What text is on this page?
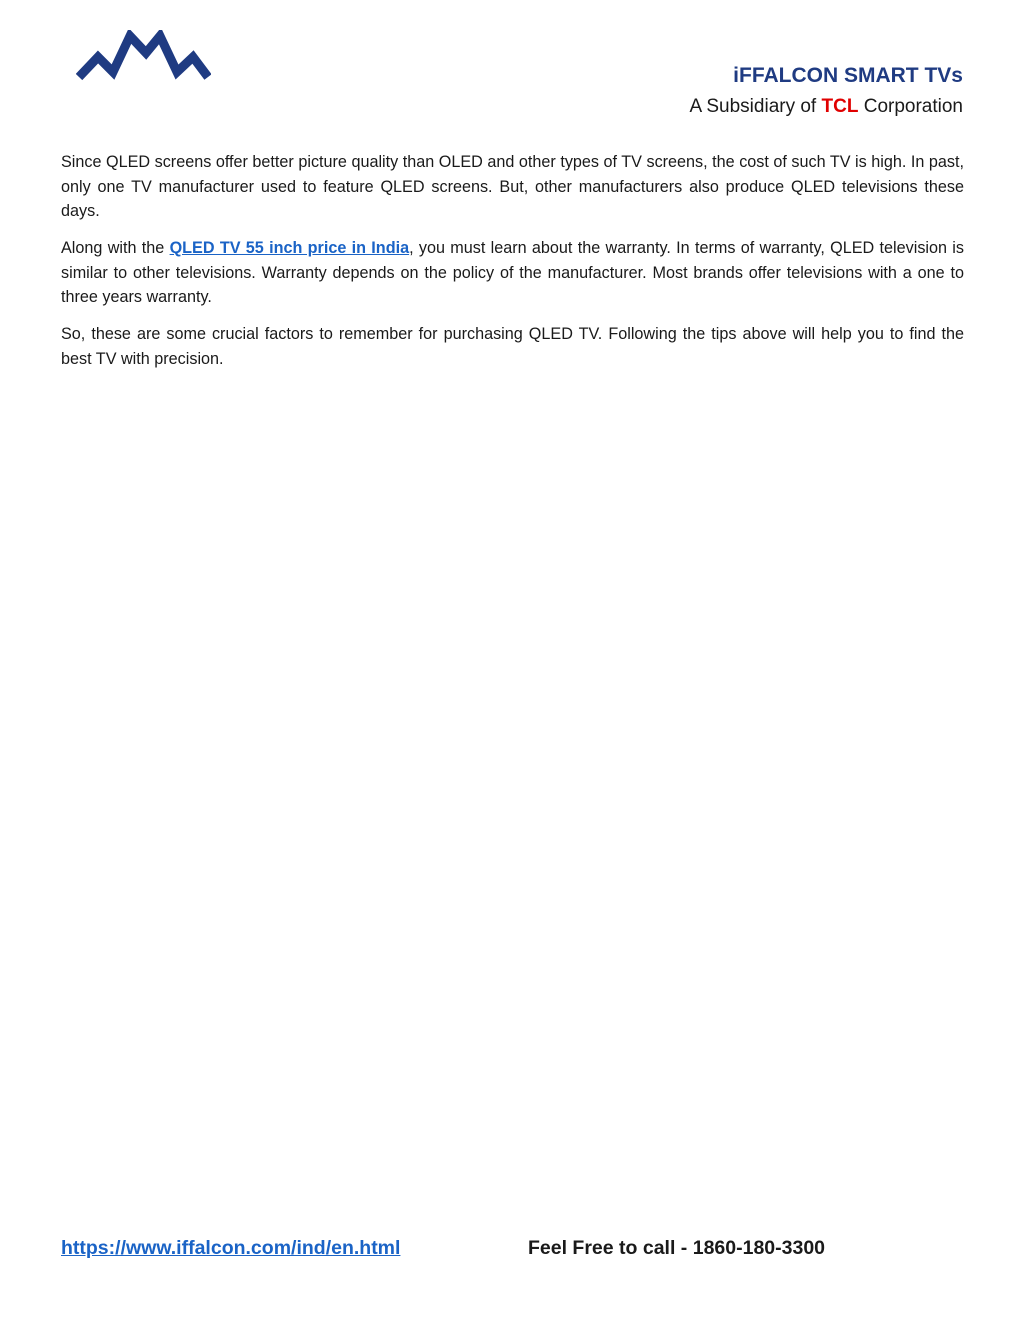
iFFALCON SMART TVs
A Subsidiary of TCL Corporation

Since QLED screens offer better picture quality than OLED and other types of TV screens, the cost of such TV is high. In past, only one TV manufacturer used to feature QLED screens. But, other manufacturers also produce QLED televisions these days.

Along with the QLED TV 55 inch price in India, you must learn about the warranty. In terms of warranty, QLED television is similar to other televisions. Warranty depends on the policy of the manufacturer. Most brands offer televisions with a one to three years warranty.

So, these are some crucial factors to remember for purchasing QLED TV. Following the tips above will help you to find the best TV with precision.

https://www.iffalcon.com/ind/en.html	Feel Free to call - 1860-180-3300
